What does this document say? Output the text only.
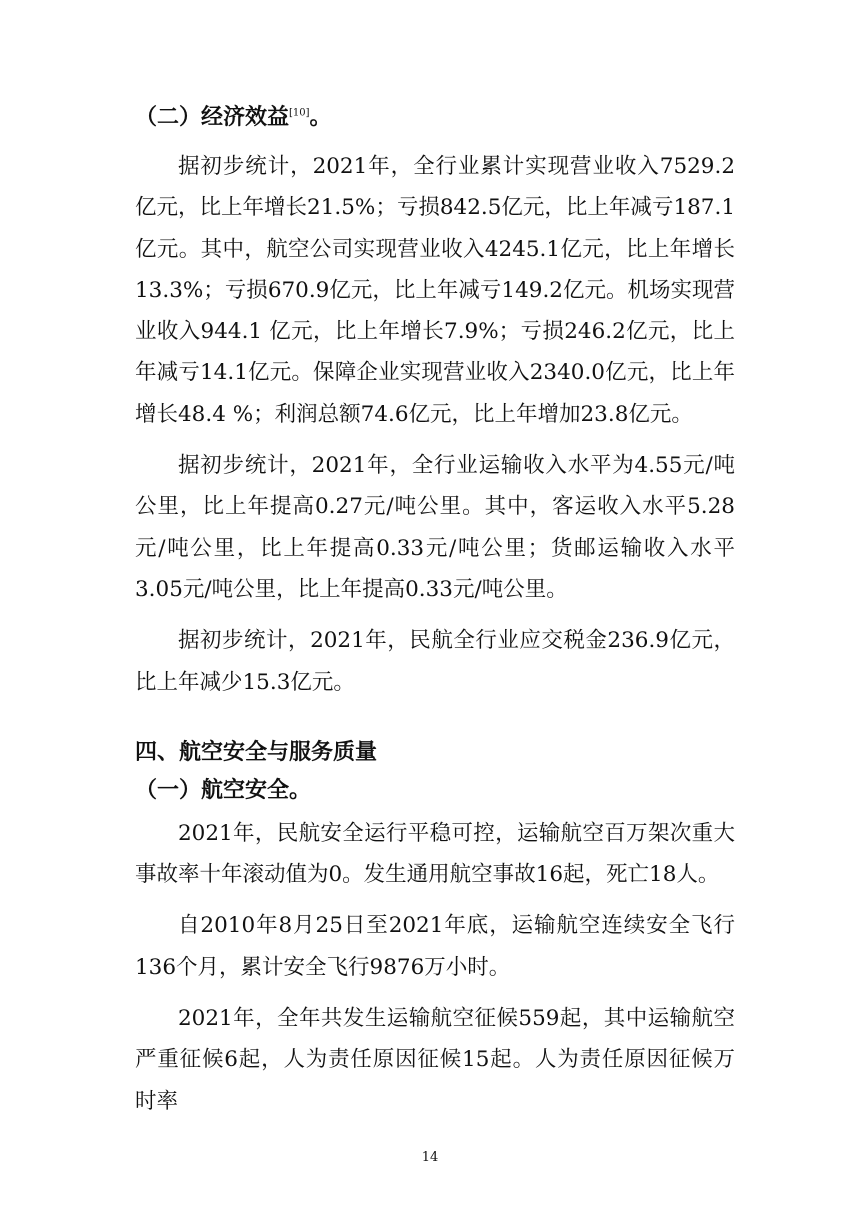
（二）经济效益[10]。

据初步统计，2021年，全行业累计实现营业收入7529.2亿元，比上年增长21.5%；亏损842.5亿元，比上年减亏187.1亿元。其中，航空公司实现营业收入4245.1亿元，比上年增长13.3%；亏损670.9亿元，比上年减亏149.2亿元。机场实现营业收入944.1 亿元，比上年增长7.9%；亏损246.2亿元，比上年减亏14.1亿元。保障企业实现营业收入2340.0亿元，比上年增长48.4 %；利润总额74.6亿元，比上年增加23.8亿元。

据初步统计，2021年，全行业运输收入水平为4.55元/吨公里，比上年提高0.27元/吨公里。其中，客运收入水平5.28元/吨公里，比上年提高0.33元/吨公里；货邮运输收入水平3.05元/吨公里，比上年提高0.33元/吨公里。

据初步统计，2021年，民航全行业应交税金236.9亿元，比上年减少15.3亿元。

四、航空安全与服务质量
（一）航空安全。

2021年，民航安全运行平稳可控，运输航空百万架次重大事故率十年滚动值为0。发生通用航空事故16起，死亡18人。

自2010年8月25日至2021年底，运输航空连续安全飞行136个月，累计安全飞行9876万小时。

2021年，全年共发生运输航空征候559起，其中运输航空严重征候6起，人为责任原因征候15起。人为责任原因征候万时率

14
